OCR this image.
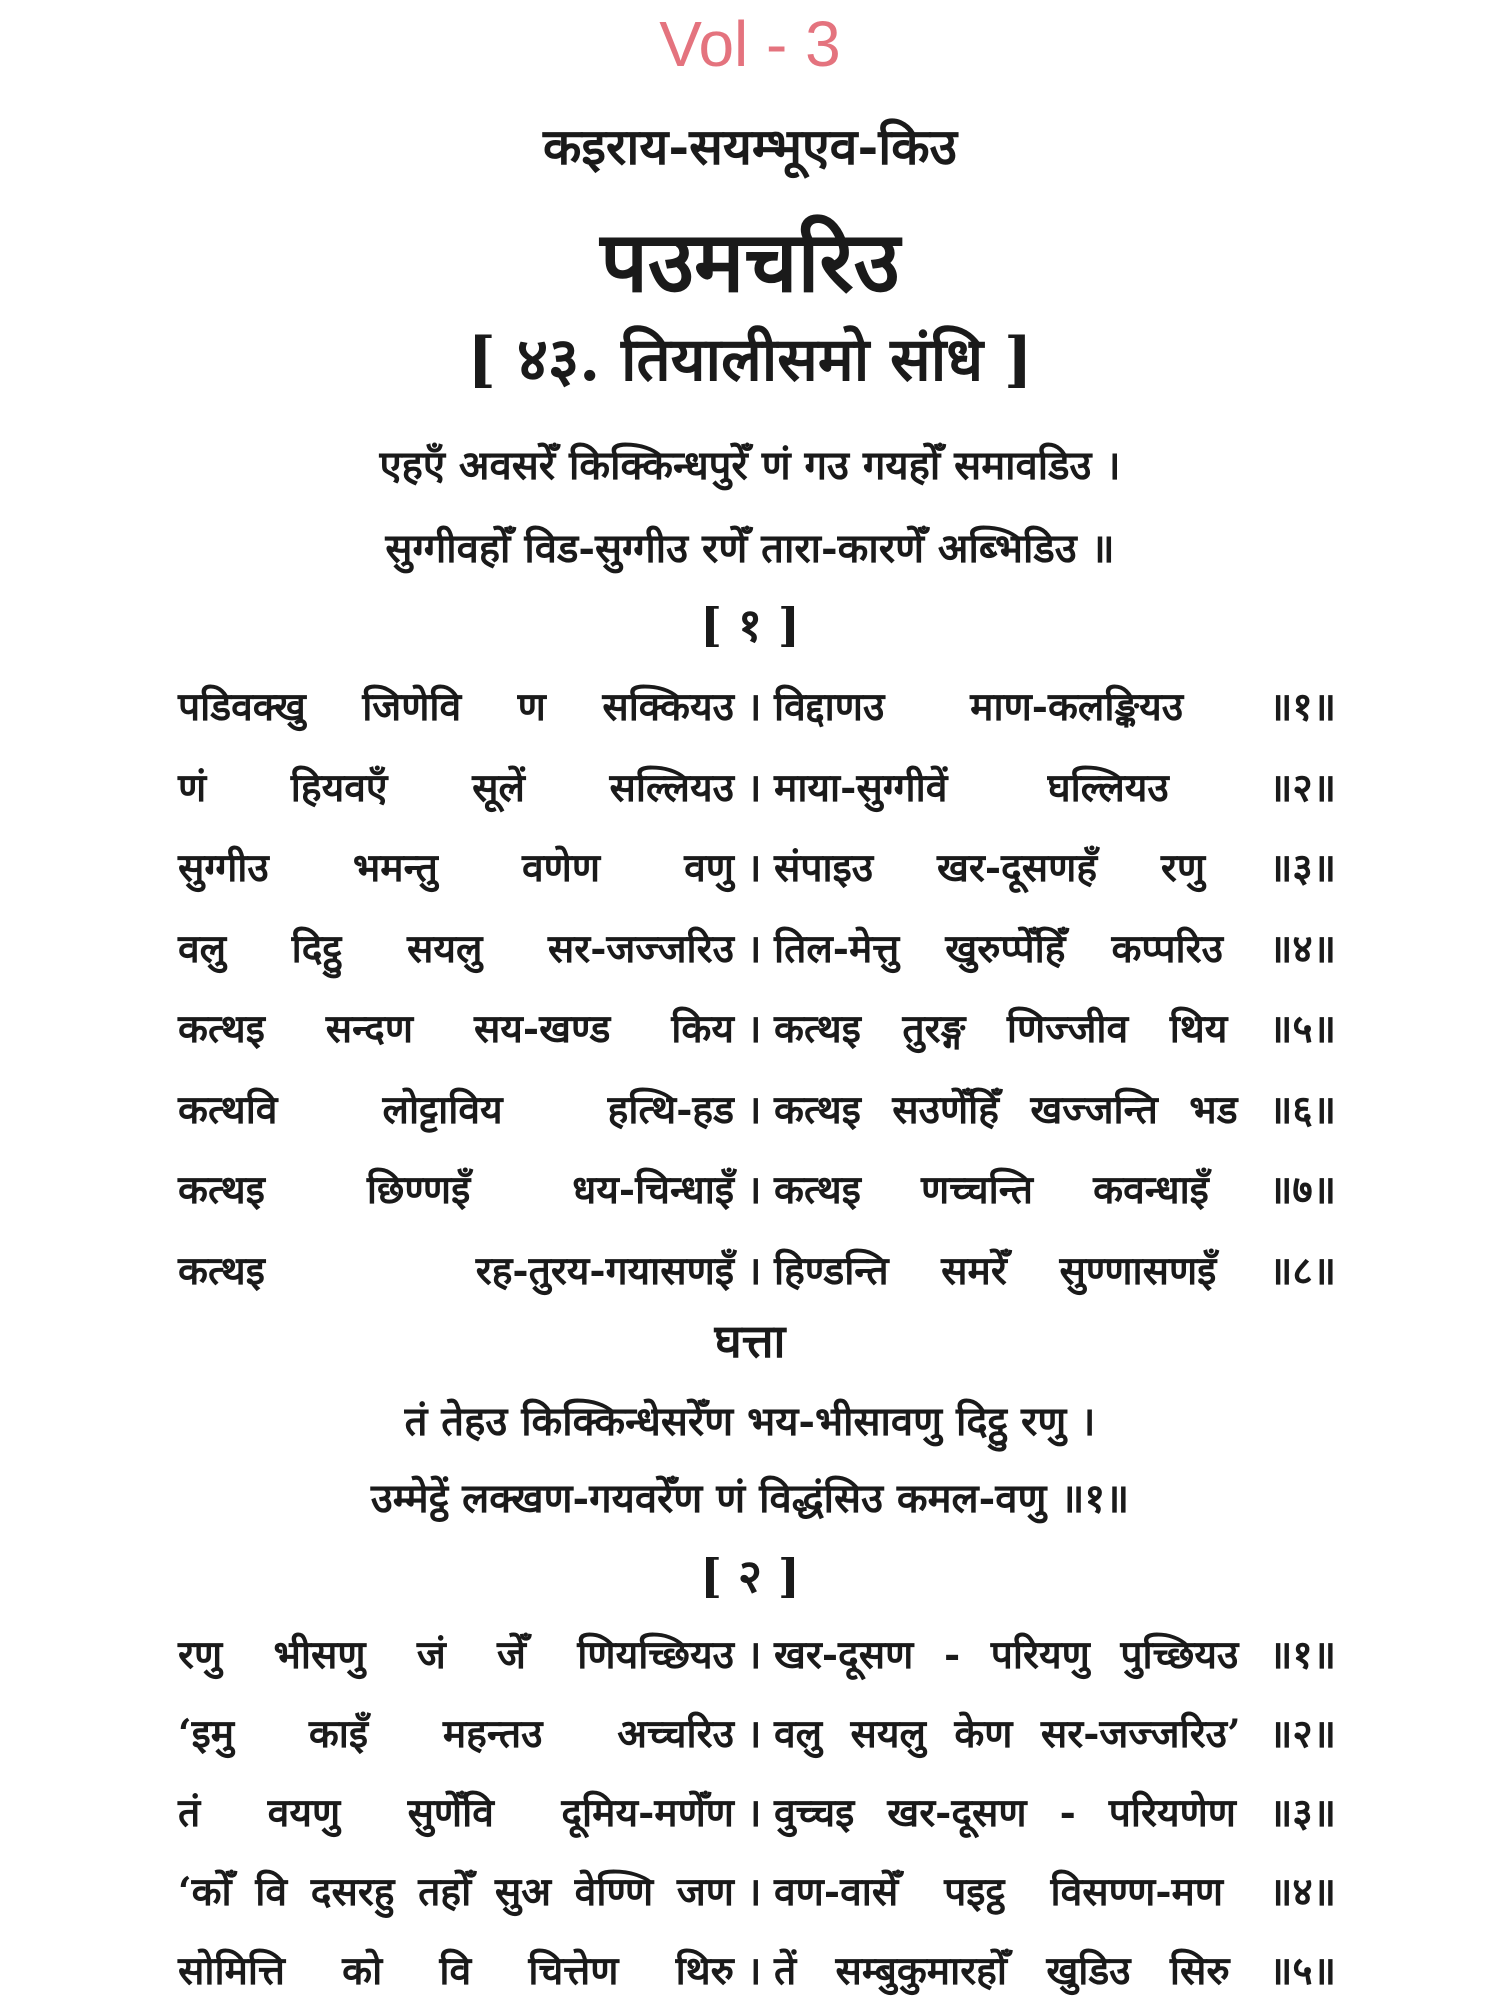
Vol - 3
कइराय-सयम्भूएव-किउ
पउमचरिउ
[ ४३. तियालीसमो संधि ]
एहएँ अवसरेँ किक्किन्धपुरेँ णं गउ गयहोँ समावडिउ ।
सुग्गीवहोँ विड-सुग्गीउ रणेँ तारा-कारणेँ अब्भिडिउ ॥
[ १ ]
पडिवक्खु जिणेवि ण सक्कियउ । विद्दाणउ माण-कलङ्कियउ ॥१॥
णं हियवएँ सूलें सल्लियउ । माया-सुग्गीवें	घल्लियउ	॥२॥
सुग्गीउ भमन्तु वणेण वणु । संपाइउ खर-दूसणहँ रणु ॥३॥
वलु दिट्ठु सयलु सर-जज्जरिउ । तिल-मेत्तु खुरुप्पेँहिँ कप्परिउ ॥४॥
कत्थइ सन्दण सय-खण्ड किय । कत्थइ तुरङ्ग णिज्जीव थिय ॥५॥
कत्थवि	लोट्टाविय	हत्थि-हड । कत्थइ सउणेँहिँ खज्जन्ति भड ॥६॥
कत्थइ	छिण्णइँ	धय-चिन्धाइँ । कत्थइ णच्चन्ति कवन्धाइँ ॥७॥
कत्थइ	रह-तुरय-गयासणइँ । हिण्डन्ति समरेँ सुण्णासणइँ ॥८॥
घत्ता
तं तेहउ किक्किन्धेसरेँण भय-भीसावणु दिट्ठु रणु ।
उम्मेट्ठें लक्खण-गयवरेँण णं विद्धंसिउ कमल-वणु ॥१॥
[ २ ]
रणु भीसणु जं जेँ णियच्छियउ । खर-दूसण - परियणु पुच्छियउ ॥१॥
‘इमु काइँ महन्तउ अच्चरिउ । वलु सयलु केण सर-जज्जरिउ’ ॥२॥
तं वयणु सुणेँवि दूमिय-मणेँण । वुच्चइ खर-दूसण - परियणेण ॥३॥
‘कोँ वि दसरहु तहोँ सुअ वेण्णि जण । वण-वासेँ पइट्ठ विसण्ण-मण ॥४॥
सोमित्ति को वि चित्तेण थिरु । तें सम्बुकुमारहोँ खुडिउ सिरु ॥५॥
